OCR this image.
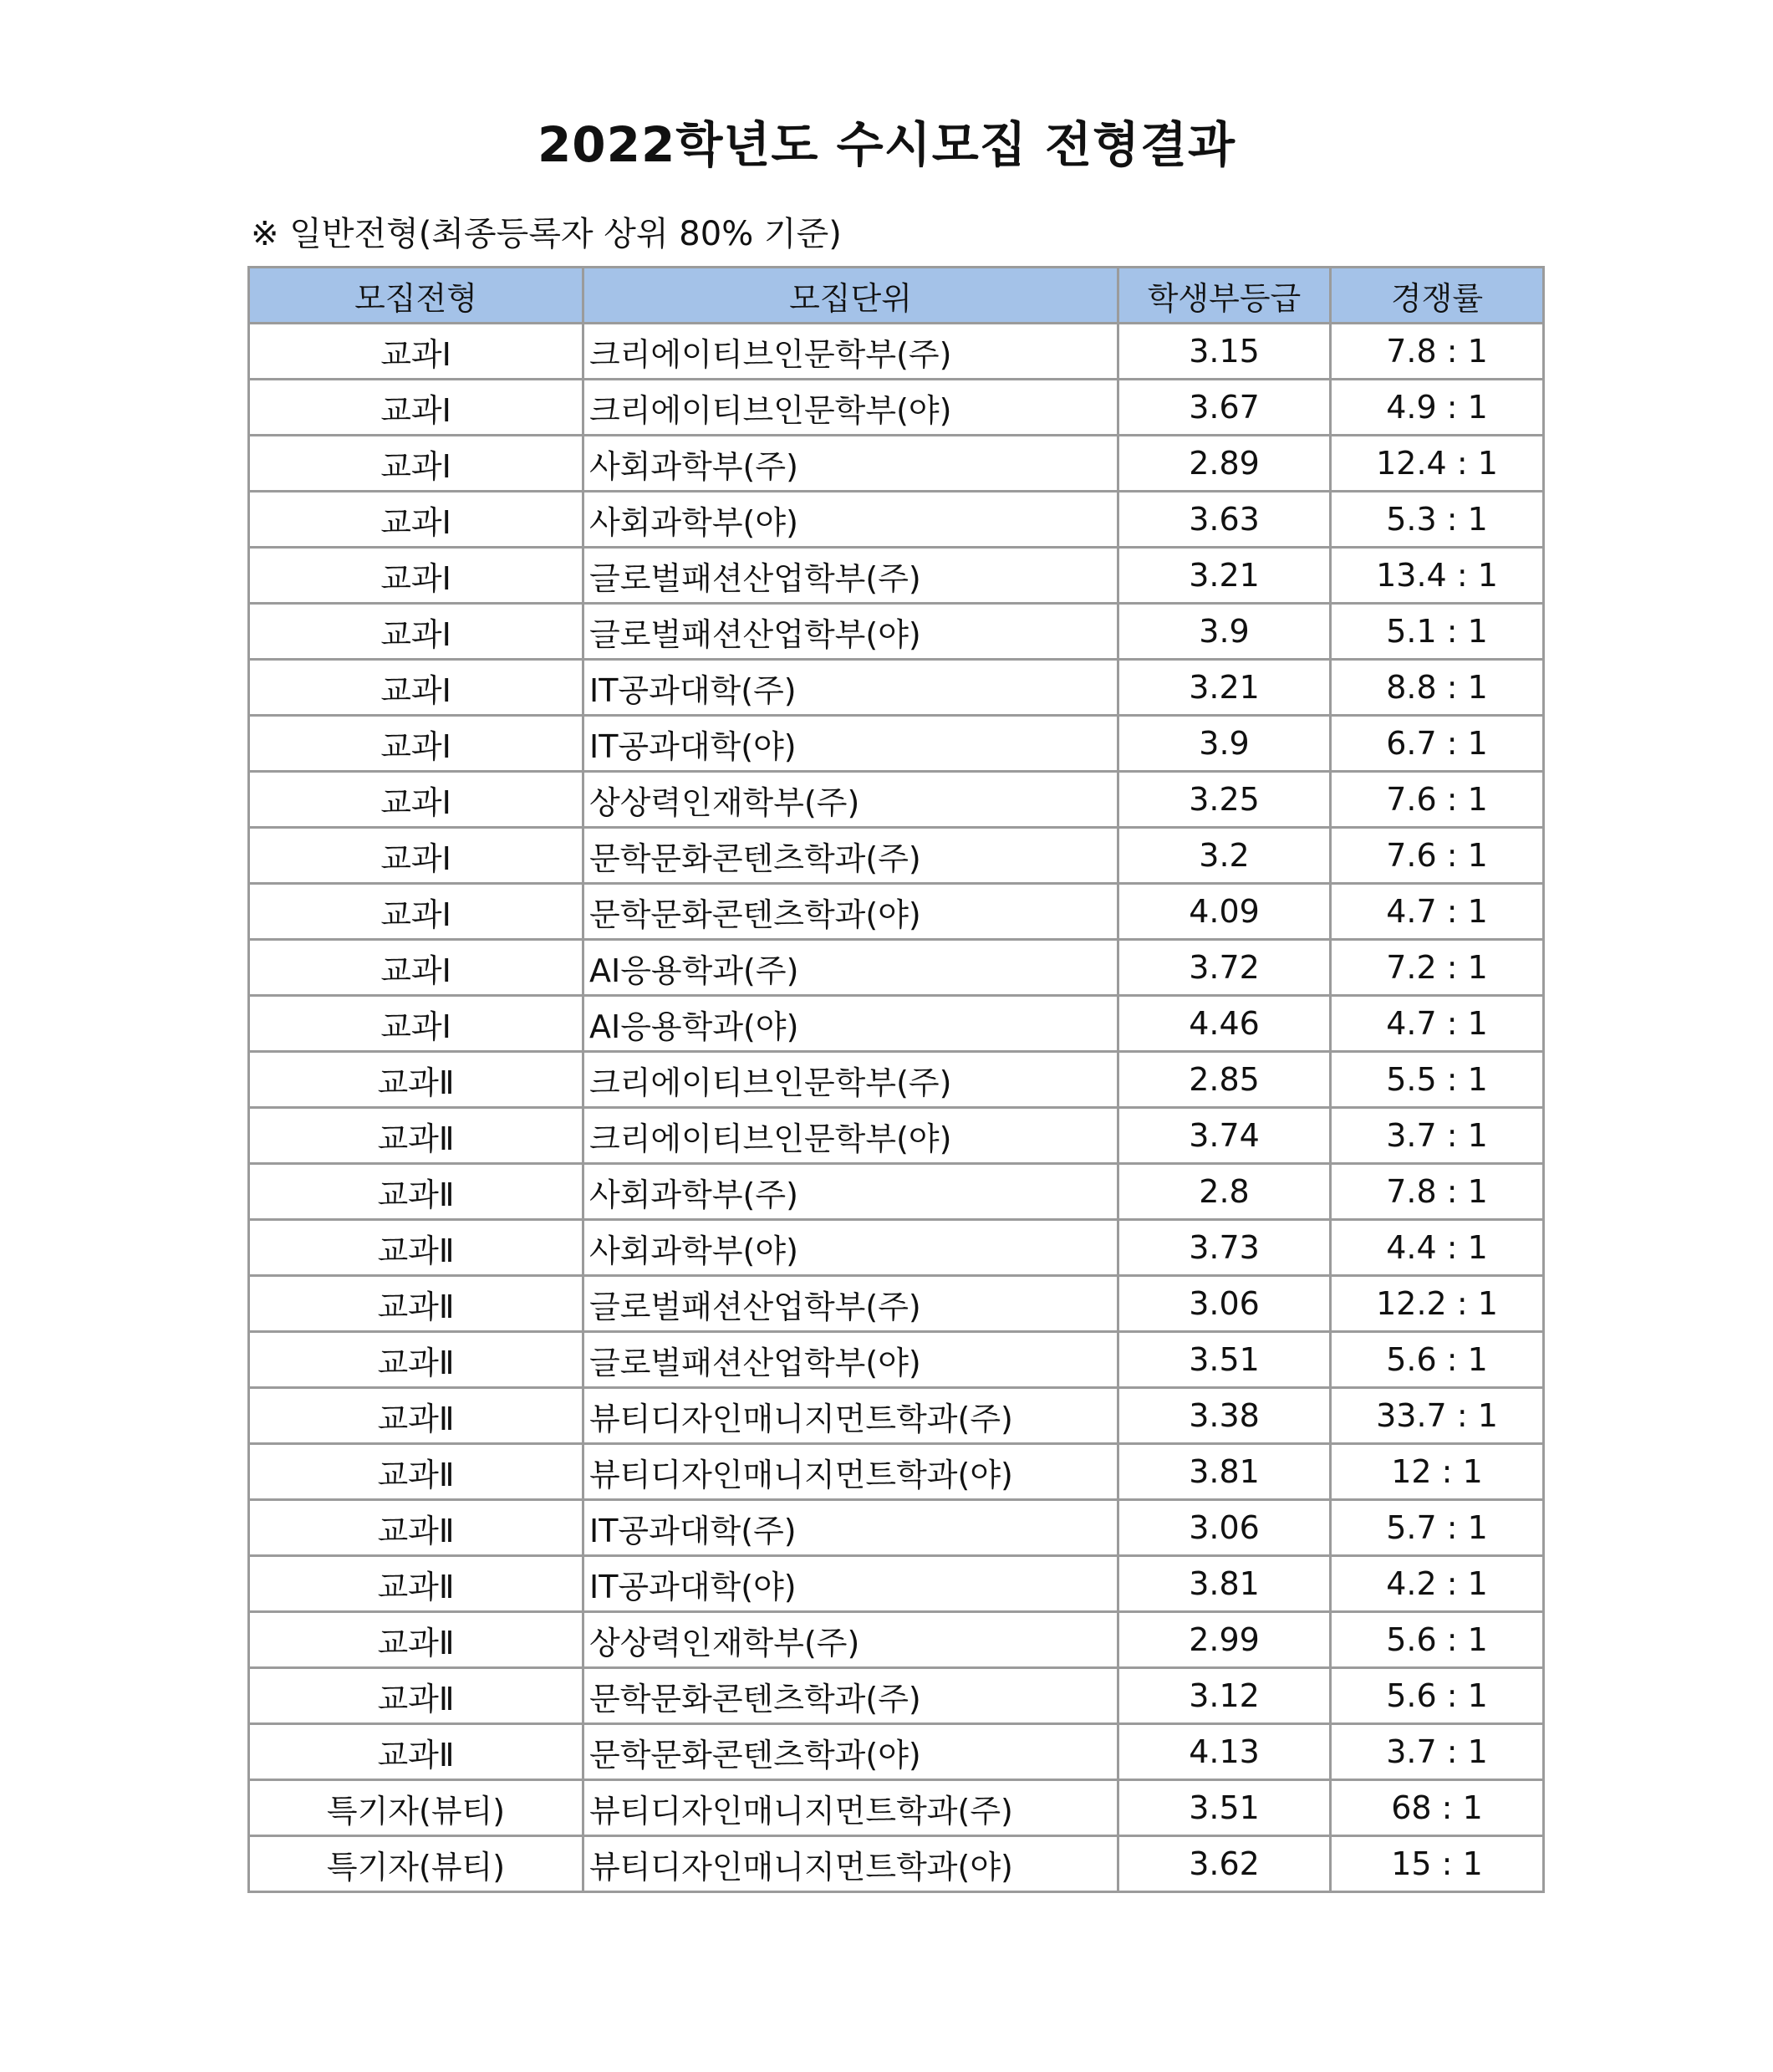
2022학년도 수시모집 전형결과
※ 일반전형(최종등록자 상위 80% 기준)
모집전형	모집단위	학생부등급	경쟁률
교과Ⅰ	크리에이티브인문학부(주)	3.15	7.8 : 1
교과Ⅰ	크리에이티브인문학부(야)	3.67	4.9 : 1
교과Ⅰ	사회과학부(주)	2.89	12.4 : 1
교과Ⅰ	사회과학부(야)	3.63	5.3 : 1
교과Ⅰ	글로벌패션산업학부(주)	3.21	13.4 : 1
교과Ⅰ	글로벌패션산업학부(야)	3.9	5.1 : 1
교과Ⅰ	IT공과대학(주)	3.21	8.8 : 1
교과Ⅰ	IT공과대학(야)	3.9	6.7 : 1
교과Ⅰ	상상력인재학부(주)	3.25	7.6 : 1
교과Ⅰ	문학문화콘텐츠학과(주)	3.2	7.6 : 1
교과Ⅰ	문학문화콘텐츠학과(야)	4.09	4.7 : 1
교과Ⅰ	AI응용학과(주)	3.72	7.2 : 1
교과Ⅰ	AI응용학과(야)	4.46	4.7 : 1
교과Ⅱ	크리에이티브인문학부(주)	2.85	5.5 : 1
교과Ⅱ	크리에이티브인문학부(야)	3.74	3.7 : 1
교과Ⅱ	사회과학부(주)	2.8	7.8 : 1
교과Ⅱ	사회과학부(야)	3.73	4.4 : 1
교과Ⅱ	글로벌패션산업학부(주)	3.06	12.2 : 1
교과Ⅱ	글로벌패션산업학부(야)	3.51	5.6 : 1
교과Ⅱ	뷰티디자인매니지먼트학과(주)	3.38	33.7 : 1
교과Ⅱ	뷰티디자인매니지먼트학과(야)	3.81	12 : 1
교과Ⅱ	IT공과대학(주)	3.06	5.7 : 1
교과Ⅱ	IT공과대학(야)	3.81	4.2 : 1
교과Ⅱ	상상력인재학부(주)	2.99	5.6 : 1
교과Ⅱ	문학문화콘텐츠학과(주)	3.12	5.6 : 1
교과Ⅱ	문학문화콘텐츠학과(야)	4.13	3.7 : 1
특기자(뷰티)	뷰티디자인매니지먼트학과(주)	3.51	68 : 1
특기자(뷰티)	뷰티디자인매니지먼트학과(야)	3.62	15 : 1
